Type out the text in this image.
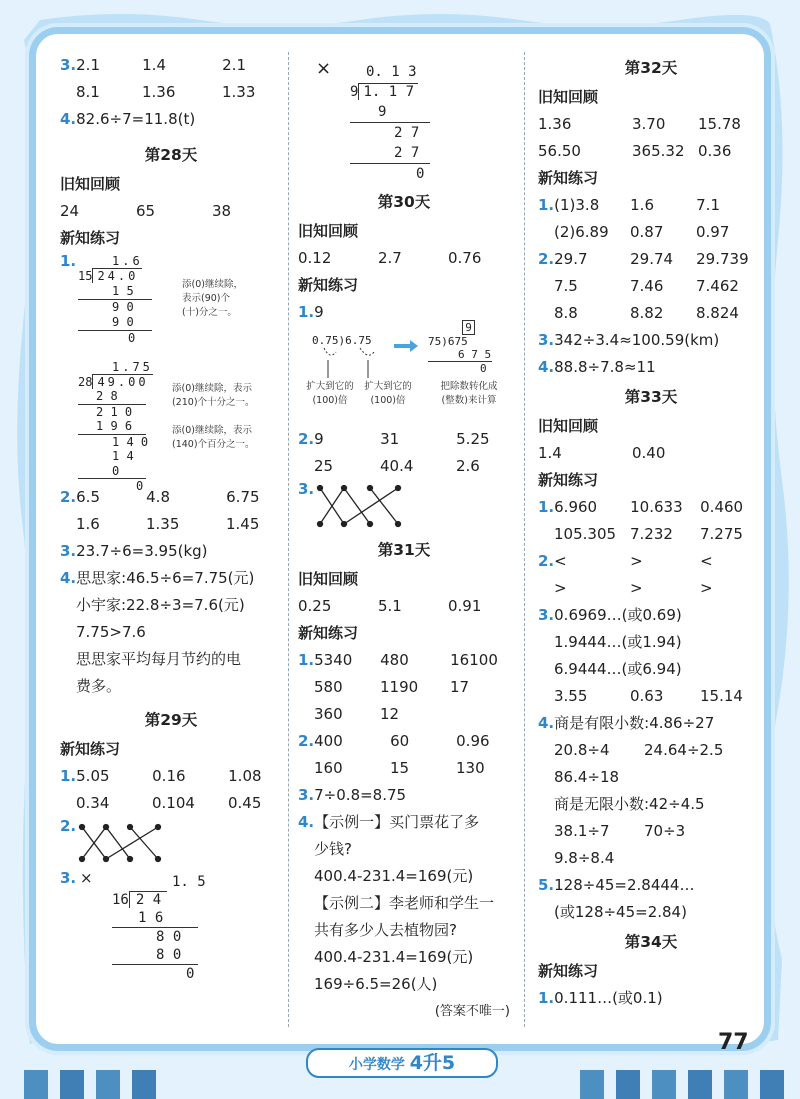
3.2.1	1.4	2.1
8.1	1.36	1.33
4.82.6÷7=11.8(t)
第28天
旧知回顾
24	65	38
新知练习
1.	1.6
15 24.0
1 5
9 0
9 0
0
添(0)继续除，
表示(90)个
(十)分之一。
1.75
28 49.00
2 8
2 1 0
1 9 6
1 4 0
1 4 0
0
添(0)继续除，表示
(210)个十分之一。
添(0)继续除，表示
(140)个百分之一。
2.6.5	4.8	6.75
1.6	1.35	1.45
3.23.7÷6=3.95(kg)
4.思思家:46.5÷6=7.75(元)
小宇家:22.8÷3=7.6(元)
7.75>7.6
思思家平均每月节约的电
费多。
第29天
新知练习
1.5.05	0.16	1.08
0.34	0.104 0.45
2.
3. ×	1. 5
16 2 4
1 6
8 0
8 0
0
×	0. 1 3
9 1. 1 7
9
2 7
2 7
0
第30天
旧知回顾
0.12	2.7	0.76
新知练习
1.9
0.75)6.75
扩大到它的
(100)倍
扩大到它的
(100)倍
9
75)675
6 7 5
0
把除数转化成
(整数)来计算
2.9	31	5.25
25	40.4	2.6
3.
第31天
旧知回顾
0.25	5.1	0.91
新知练习
1.5340 480	16100
580 1190 17
360 12
2.400	60	0.96
160	15	130
3.7÷0.8=8.75
4.【示例一】买门票花了多
少钱?
400.4-231.4=169(元)
【示例二】李老师和学生一
共有多少人去植物园?
400.4-231.4=169(元)
169÷6.5=26(人)
(答案不唯一)
第32天
旧知回顾
1.36	3.70 15.78
56.50	365.32 0.36
新知练习
1.(1)3.8 1.6	7.1
(2)6.89 0.87 0.97
2.29.7	29.74 29.739
7.5	7.46 7.462
8.8	8.82 8.824
3.342÷3.4≈100.59(km)
4.88.8÷7.8≈11
第33天
旧知回顾
1.4	0.40
新知练习
1.6.960 10.633 0.460
105.305 7.232 7.275
2.<	>	<
>	>	>
3.0.6969…(或0.69)
1.9444…(或1.94)
6.9444…(或6.94)
3.55	0.63 15.14
4.商是有限小数:4.86÷27
20.8÷4 24.64÷2.5
86.4÷18
商是无限小数:42÷4.5
38.1÷7 70÷3
9.8÷8.4
5.128÷45=2.8444…
(或128÷45=2.84)
第34天
新知练习
1.0.111…(或0.1)
77
小学数学 4升5
